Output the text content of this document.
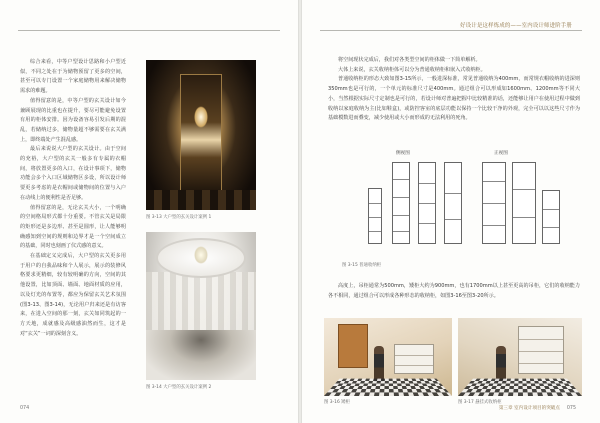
综合来看，中等户型设计思路和小户型近似，不同之处在于为储物预留了更多的空间，甚至可以专门设置一个家庭储物用来解决储物需求的难题。

值得留意的是，中等户型的玄关设计如今兼顾展现的比重也在提升，要尽可能避免设置有用的柜体安排。因为设备容易引发后期的混乱，若储纳过多，储物量超不够需要在玄关满上，即终端处产生混乱感。

最后来说说大户型的玄关设计。由于空间的充裕，大户型的玄关一般多有专属的衣帽间，将放置更多的入口，在设计事项下，储物功能会多个入口区域储物区多设，所以设计师要更多考虑的是衣帽间或储物间的位置与入户在动线上的便利性是否足够。

值得留意的是，无论玄关大小，一个明确的空间格局形式都十分重要。不管玄关是局限的矩形还是多边形、甚至是圆形，让人能够明确感知到空间的规则和边界才是一个空间成立的基础，同时也刻画了仪式感的意义。

在基础定义完成后，大户型的玄关更多用于用户的自我品味和个人展示，展示的装修风格要求更精细，较有较明确的方向，空间的其他设置，比如顶面、墙面、地面材质的应用，以及灯光的布置等，都应为保留玄关艺术氛围(图3-13、图3-14)，无论用户归来还是有访客来，在进入空间的那一刻，玄关如同筑起的一方天地，成就感及高级感油然而生，这才是对“玄关”一词的深刻含义。

图 3-13 大户型的玄关设计案例 1
图 3-14 大户型的玄关设计案例 2
074
好设计是这样炼成的——室内设计师进阶手册

将空间现状完成后，我们对各类型空间的柜体做一下简单解析。

大体上来说，玄关收纳柜体可以分为普通收纳柜和嵌入式收纳柜。

普通收纳柜的形态大致如图3-15所示，一般进深标准，常见普通收纳为400mm，而常规衣帽收纳的进深则350mm也是可行的，一个单元的标准尺寸是400mm。通过组合可以形成如1600mm、1200mm等不同大小，当然根据实际尺寸定制也是可行的，若设计师对普遍把握中比较精准的话，还能够让用户在使用过程中做到收纳以家庭收纳为主(比如鞋盒)，或防控客室的底层功能以保持一个比较干净的外观，完全可以以这些尺寸作为基础模数进而叠变，减少使用或大小而形成的无法利用的死角。

侧视图	正视图
图 3-15 普通收纳柜

高度上，吊柜通常为500mm，矮柜大约为900mm，也有1700mm以上甚至更高的吊柜，它们的收纳能力各不相同，通过组合可以形成各种形态的收纳柜，如图3-16至图3-20所示。

图 3-16 矮柜	图 3-17 悬挂式收纳柜
第三章 室内设计项目的突破点 075
